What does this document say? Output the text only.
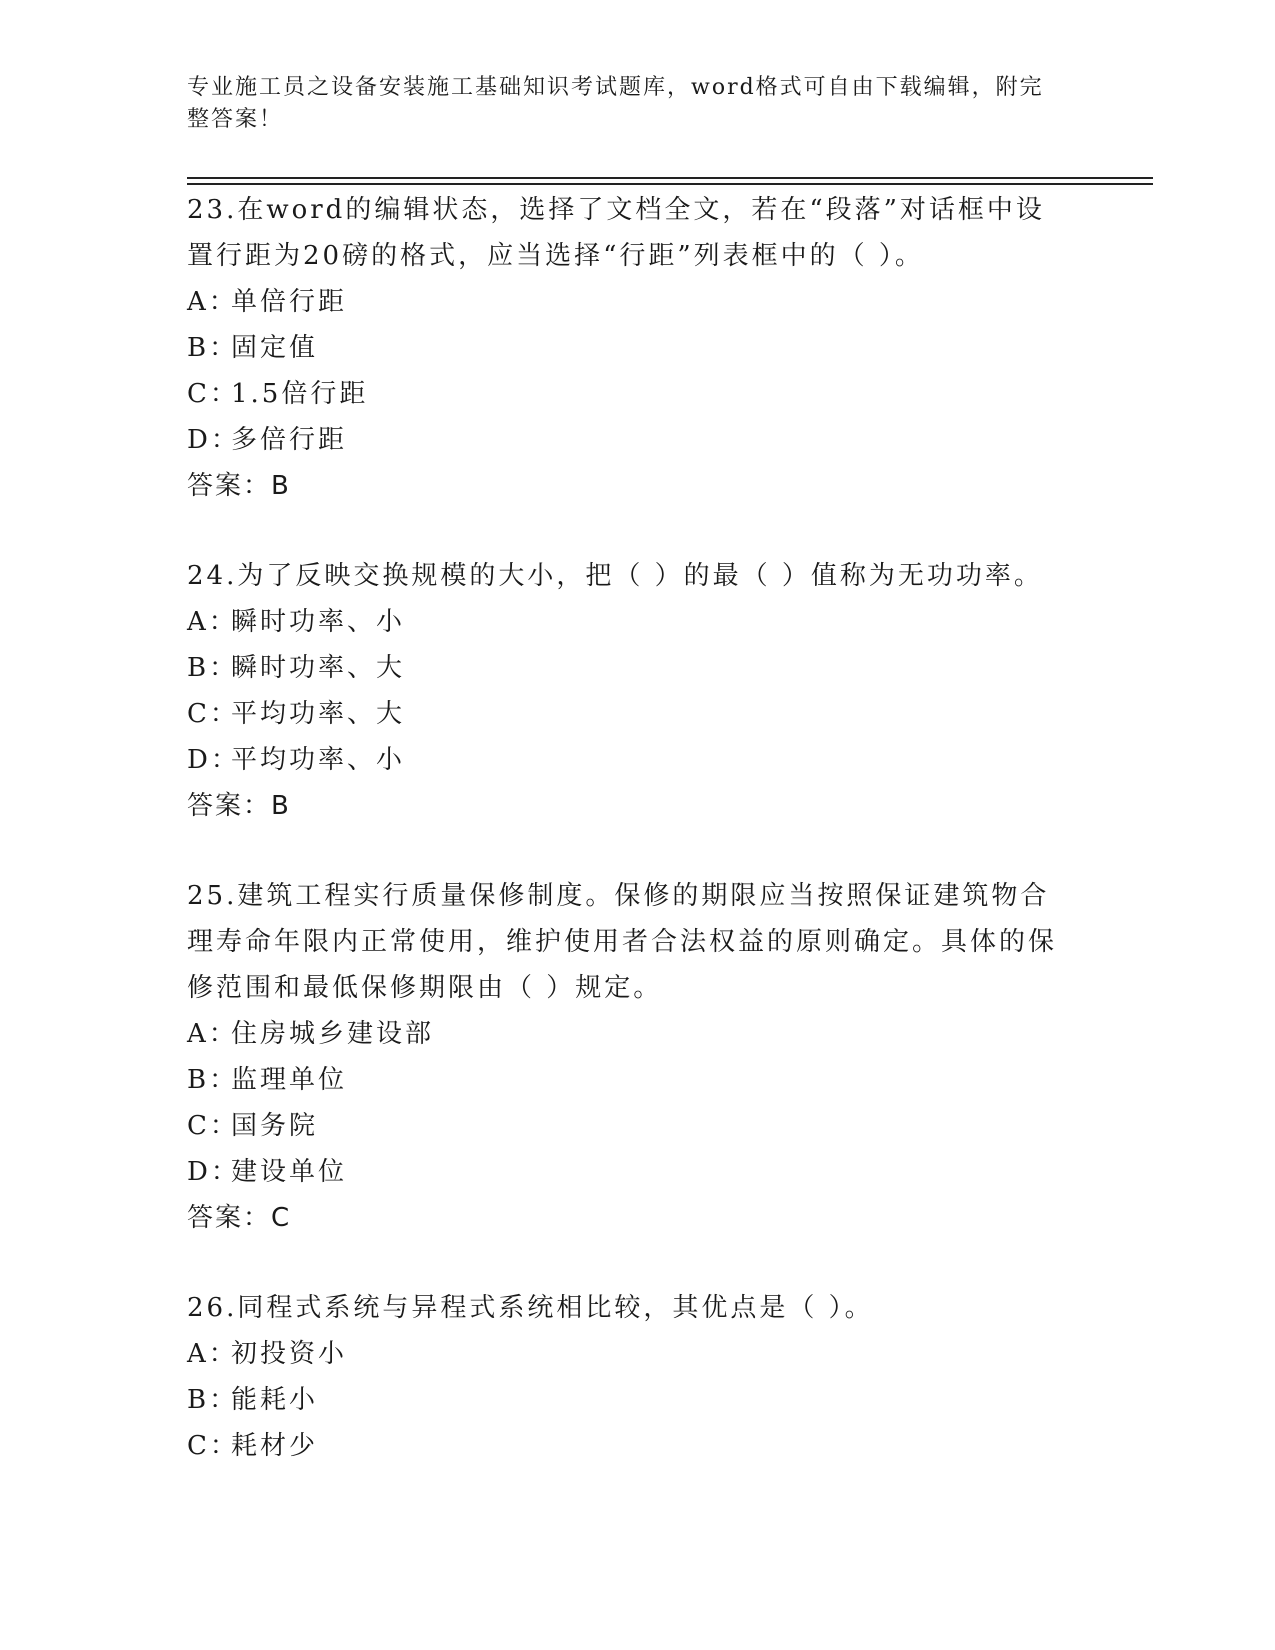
专业施工员之设备安装施工基础知识考试题库，word格式可自由下载编辑，附完整答案！

23.在word的编辑状态，选择了文档全文，若在“段落”对话框中设置行距为20磅的格式，应当选择“行距”列表框中的（ ）。

A：单倍行距

B：固定值

C：1.5倍行距

D：多倍行距

答案：B

24.为了反映交换规模的大小，把（ ）的最（ ）值称为无功功率。

A：瞬时功率、小

B：瞬时功率、大

C：平均功率、大

D：平均功率、小

答案：B

25.建筑工程实行质量保修制度。保修的期限应当按照保证建筑物合理寿命年限内正常使用，维护使用者合法权益的原则确定。具体的保修范围和最低保修期限由（ ）规定。

A：住房城乡建设部

B：监理单位

C：国务院

D：建设单位

答案：C

26.同程式系统与异程式系统相比较，其优点是（ ）。

A：初投资小

B：能耗小

C：耗材少
